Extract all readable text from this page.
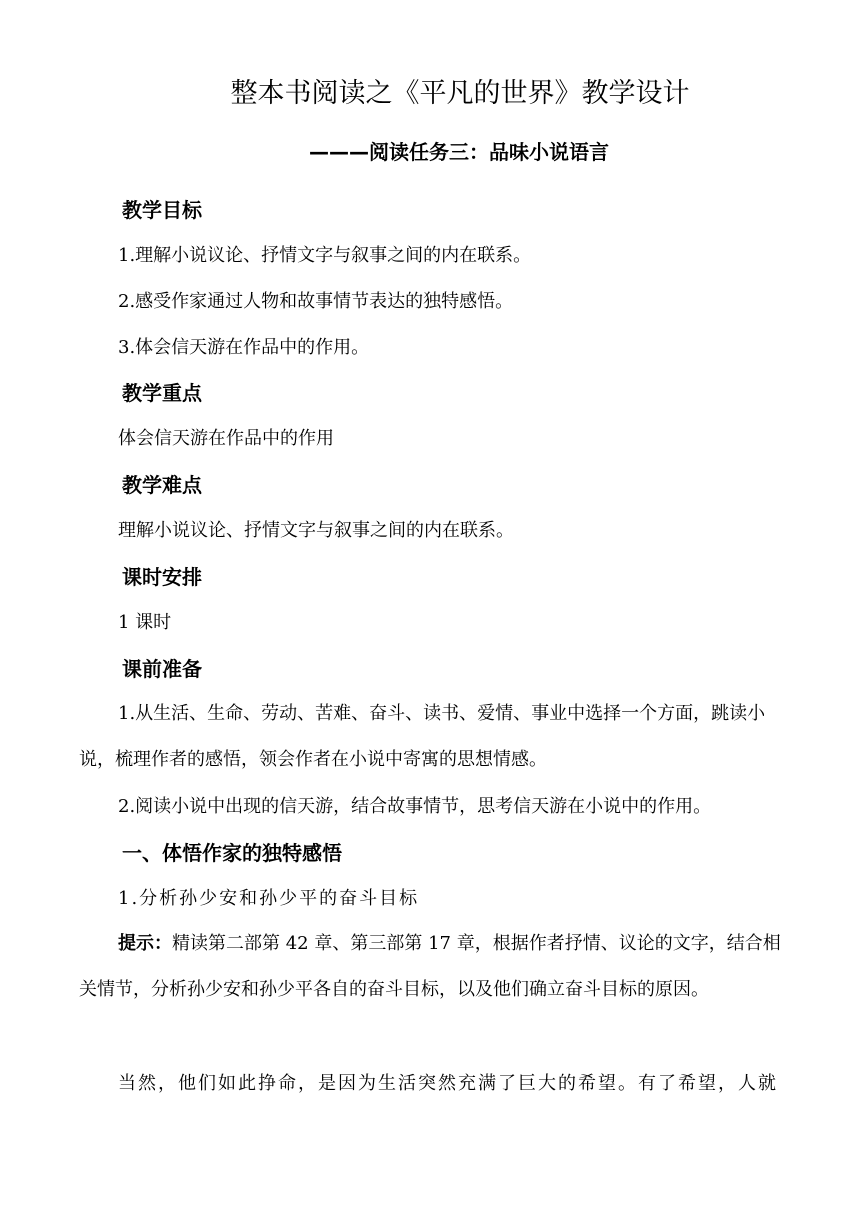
整本书阅读之《平凡的世界》教学设计
———阅读任务三：品味小说语言
教学目标
1.理解小说议论、抒情文字与叙事之间的内在联系。
2.感受作家通过人物和故事情节表达的独特感悟。
3.体会信天游在作品中的作用。
教学重点
体会信天游在作品中的作用
教学难点
理解小说议论、抒情文字与叙事之间的内在联系。
课时安排
1 课时
课前准备
1.从生活、生命、劳动、苦难、奋斗、读书、爱情、事业中选择一个方面，跳读小说，梳理作者的感悟，领会作者在小说中寄寓的思想情感。
2.阅读小说中出现的信天游，结合故事情节，思考信天游在小说中的作用。
一、体悟作家的独特感悟
1.分析孙少安和孙少平的奋斗目标
提示：精读第二部第 42 章、第三部第 17 章，根据作者抒情、议论的文字，结合相关情节，分析孙少安和孙少平各自的奋斗目标，以及他们确立奋斗目标的原因。
当然，他们如此挣命，是因为生活突然充满了巨大的希望。有了希望，人就
